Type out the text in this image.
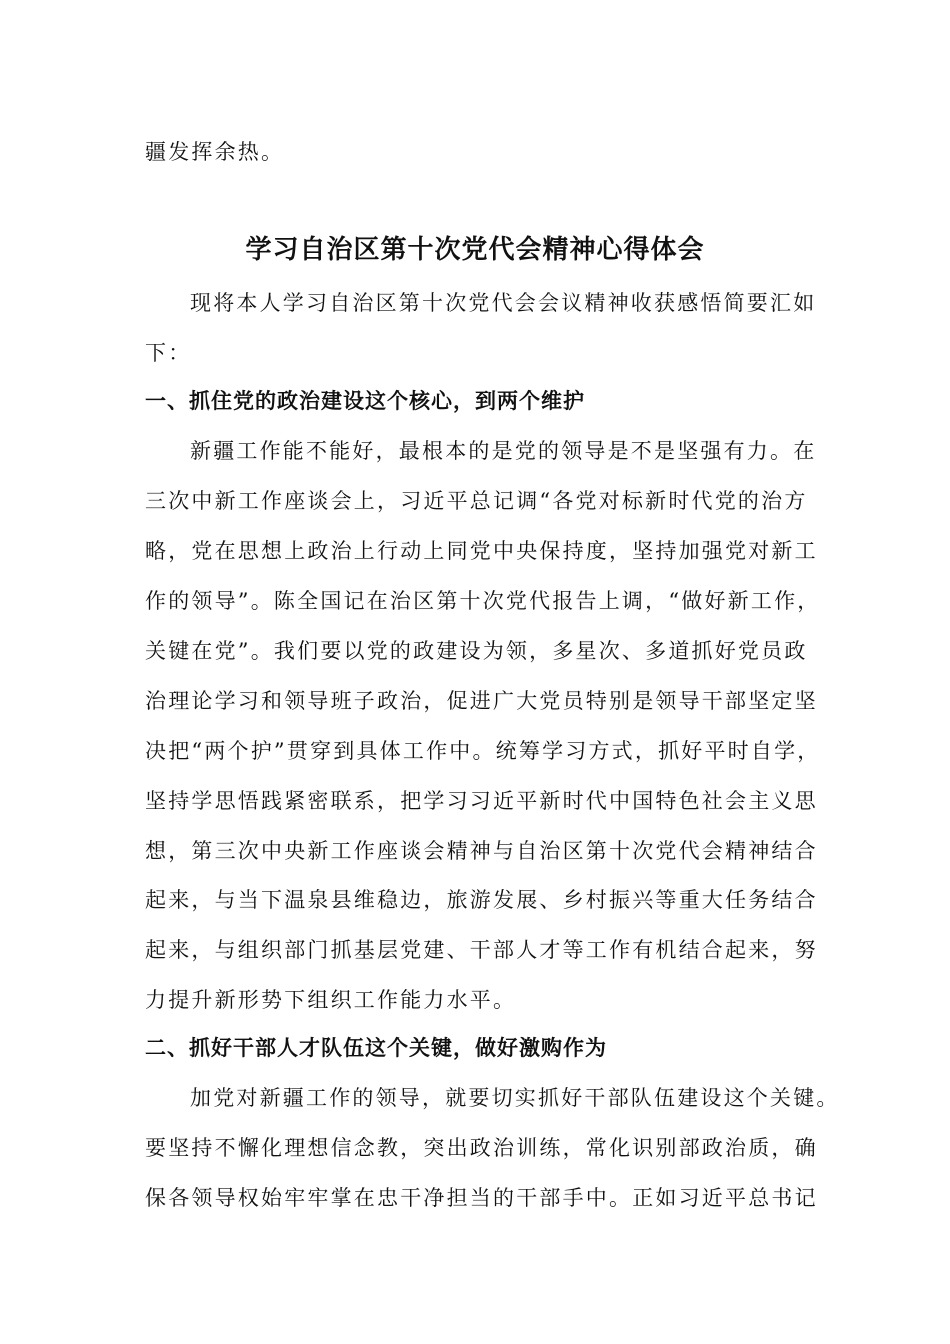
疆发挥余热。
学习自治区第十次党代会精神心得体会
现将本人学习自治区第十次党代会会议精神收获感悟简要汇如
下：
一、抓住党的政治建设这个核心，到两个维护
新疆工作能不能好，最根本的是党的领导是不是坚强有力。在
三次中新工作座谈会上，习近平总记调“各党对标新时代党的治方
略，党在思想上政治上行动上同党中央保持度，坚持加强党对新工
作的领导”。陈全国记在治区第十次党代报告上调，“做好新工作，
关键在党”。我们要以党的政建设为领，多星次、多道抓好党员政
治理论学习和领导班子政治，促进广大党员特别是领导干部坚定坚
决把“两个护”贯穿到具体工作中。统筹学习方式，抓好平时自学，
坚持学思悟践紧密联系，把学习习近平新时代中国特色社会主义思
想，第三次中央新工作座谈会精神与自治区第十次党代会精神结合
起来，与当下温泉县维稳边，旅游发展、乡村振兴等重大任务结合
起来，与组织部门抓基层党建、干部人才等工作有机结合起来，努
力提升新形势下组织工作能力水平。
二、抓好干部人才队伍这个关键，做好激购作为
加党对新疆工作的领导，就要切实抓好干部队伍建设这个关键。
要坚持不懈化理想信念教，突出政治训练，常化识别部政治质，确
保各领导权始牢牢掌在忠干净担当的干部手中。正如习近平总书记
